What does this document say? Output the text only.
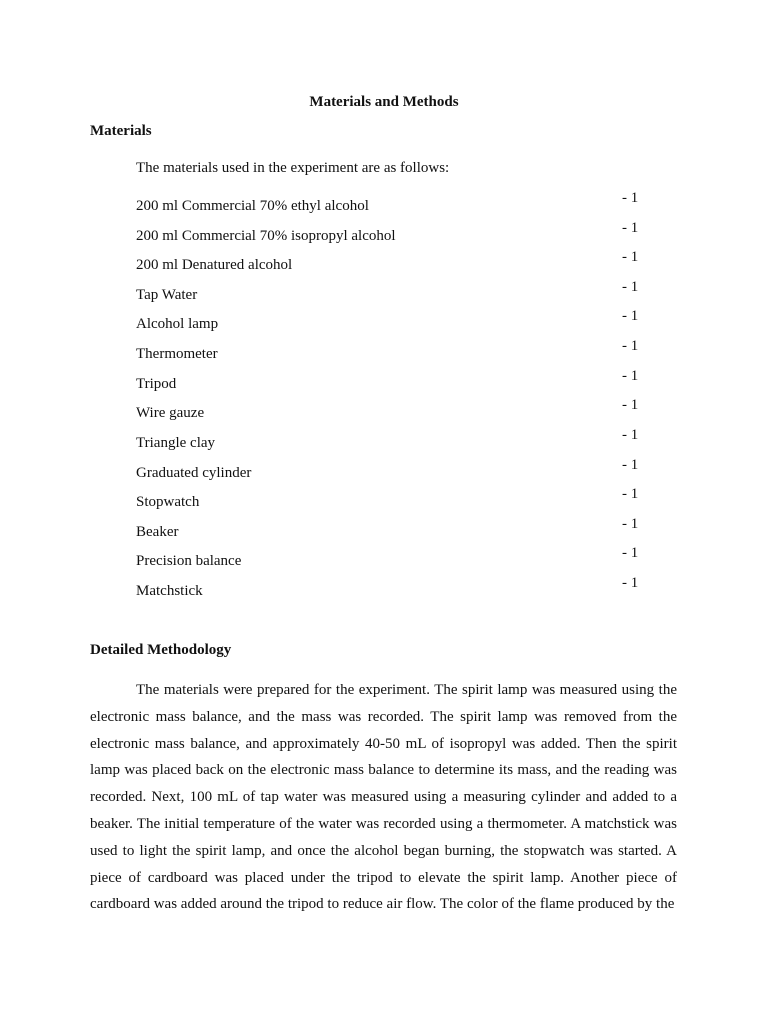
Materials and Methods
Materials
The materials used in the experiment are as follows:
200 ml Commercial 70% ethyl alcohol	- 1
200 ml Commercial 70% isopropyl alcohol	- 1
200 ml Denatured alcohol	- 1
Tap Water	- 1
Alcohol lamp	- 1
Thermometer	- 1
Tripod	- 1
Wire gauze	- 1
Triangle clay	- 1
Graduated cylinder	- 1
Stopwatch	- 1
Beaker	- 1
Precision balance	- 1
Matchstick	- 1
Detailed Methodology

The materials were prepared for the experiment. The spirit lamp was measured using the electronic mass balance, and the mass was recorded. The spirit lamp was removed from the electronic mass balance, and approximately 40-50 mL of isopropyl was added. Then the spirit lamp was placed back on the electronic mass balance to determine its mass, and the reading was recorded. Next, 100 mL of tap water was measured using a measuring cylinder and added to a beaker. The initial temperature of the water was recorded using a thermometer. A matchstick was used to light the spirit lamp, and once the alcohol began burning, the stopwatch was started. A piece of cardboard was placed under the tripod to elevate the spirit lamp. Another piece of cardboard was added around the tripod to reduce air flow. The color of the flame produced by the
